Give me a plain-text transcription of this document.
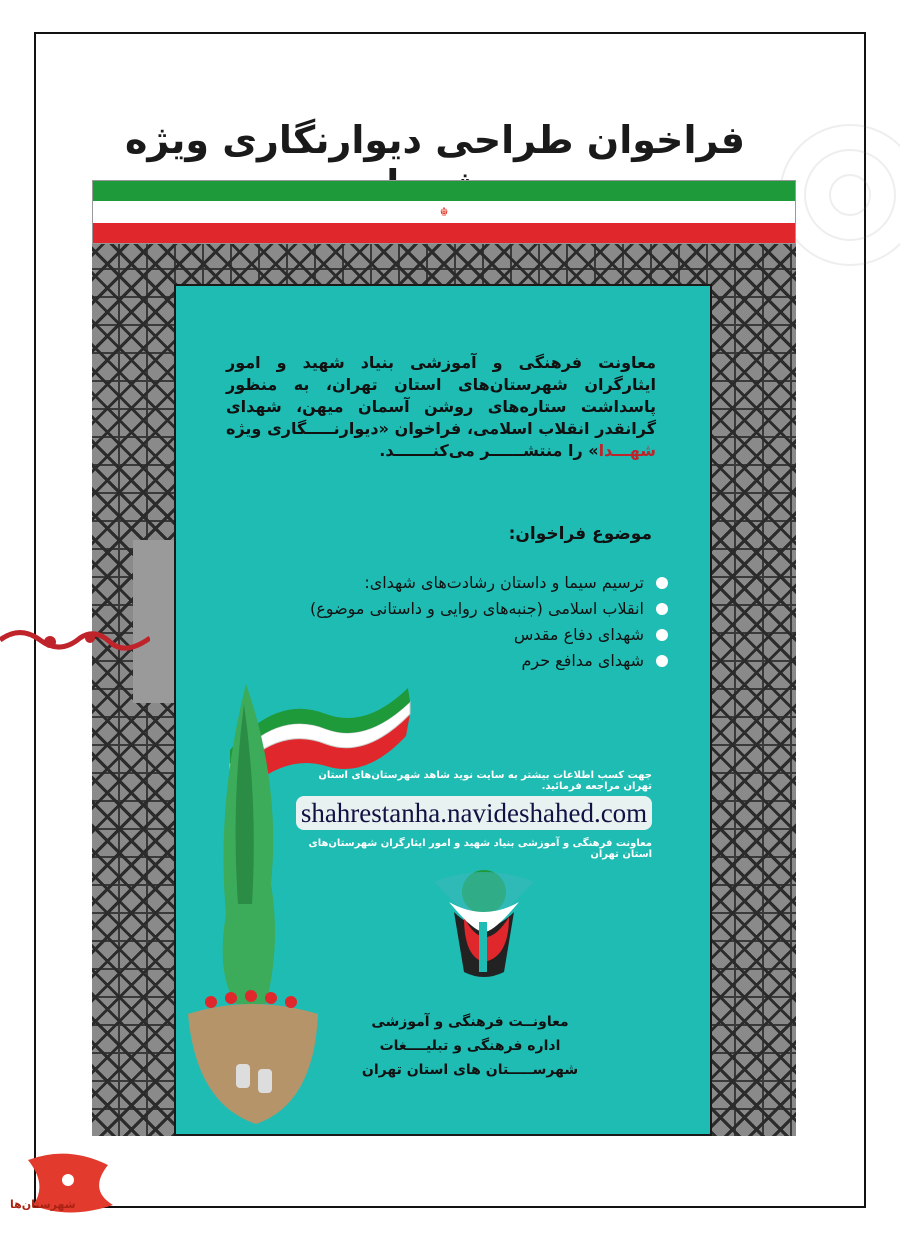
فراخوان طراحی دیوارنگاری ویژه
☬
معاونت فرهنگی و آموزشی بنیاد شهید و امور ایثارگران شهرستان‌های استان تهران، به منظور پاسداشت ستاره‌های روشن آسمان میهن، شهدای گرانقدر انقلاب اسلامی، فراخوان «دیوارنـــــگاری ویژه شهـــدا» را منتشــــــر می‌کنـــــــد.
موضوع فراخوان:
ترسیم سیما و داستان رشادت‌های شهدای:
انقلاب اسلامی (جنبه‌های روایی و داستانی موضوع)
شهدای دفاع مقدس
شهدای مدافع حرم
جهت کسب اطلاعات بیشتر به سایت نوید شاهد شهرستان‌های استان تهران مراجعه فرمائید.
shahrestanha.navideshahed.com
معاونت فرهنگی و آموزشی بنیاد شهید و امور ایثارگران شهرستان‌های استان تهران
معاونــت فرهنگی و آموزشی
اداره فرهنگی و تبلیــــغات
شهرســـــتان های استان تهران
شهرستان‌ها
